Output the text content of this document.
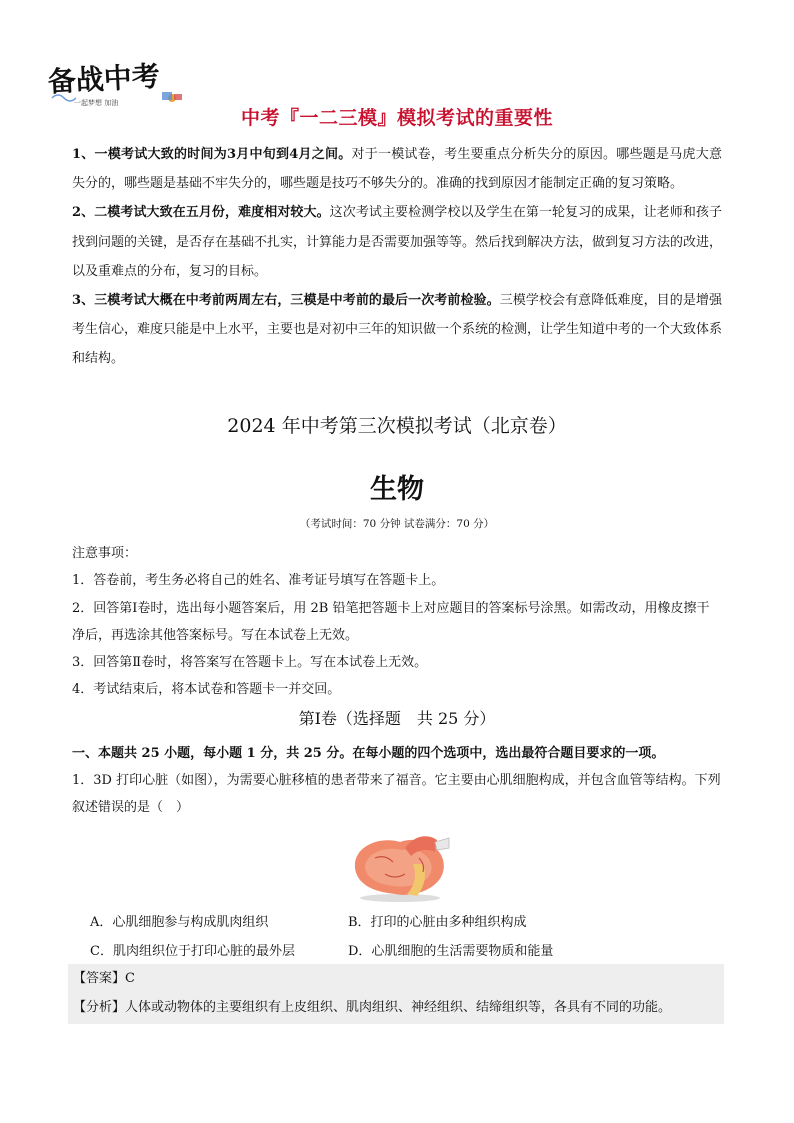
备战中考
一起梦想 加油
中考『一二三模』模拟考试的重要性

1、一模考试大致的时间为3月中旬到4月之间。对于一模试卷，考生要重点分析失分的原因。哪些题是马虎大意失分的，哪些题是基础不牢失分的，哪些题是技巧不够失分的。准确的找到原因才能制定正确的复习策略。

2、二模考试大致在五月份，难度相对较大。这次考试主要检测学校以及学生在第一轮复习的成果，让老师和孩子找到问题的关键，是否存在基础不扎实，计算能力是否需要加强等等。然后找到解决方法，做到复习方法的改进，以及重难点的分布，复习的目标。

3、三模考试大概在中考前两周左右，三模是中考前的最后一次考前检验。三模学校会有意降低难度，目的是增强考生信心，难度只能是中上水平，主要也是对初中三年的知识做一个系统的检测，让学生知道中考的一个大致体系和结构。

2024 年中考第三次模拟考试（北京卷）
生物
（考试时间：70 分钟 试卷满分：70 分）

注意事项：

1．答卷前，考生务必将自己的姓名、准考证号填写在答题卡上。

2．回答第Ⅰ卷时，选出每小题答案后，用 2B 铅笔把答题卡上对应题目的答案标号涂黑。如需改动，用橡皮擦干净后，再选涂其他答案标号。写在本试卷上无效。

3．回答第Ⅱ卷时，将答案写在答题卡上。写在本试卷上无效。

4．考试结束后，将本试卷和答题卡一并交回。

第Ⅰ卷（选择题　共 25 分）

一、本题共 25 小题，每小题 1 分，共 25 分。在每小题的四个选项中，选出最符合题目要求的一项。

1．3D 打印心脏（如图），为需要心脏移植的患者带来了福音。它主要由心肌细胞构成，并包含血管等结构。下列叙述错误的是（　）

A．心肌细胞参与构成肌肉组织	B．打印的心脏由多种组织构成
C．肌肉组织位于打印心脏的最外层	D．心肌细胞的生活需要物质和能量
【答案】C
【分析】人体或动物体的主要组织有上皮组织、肌肉组织、神经组织、结缔组织等，各具有不同的功能。
